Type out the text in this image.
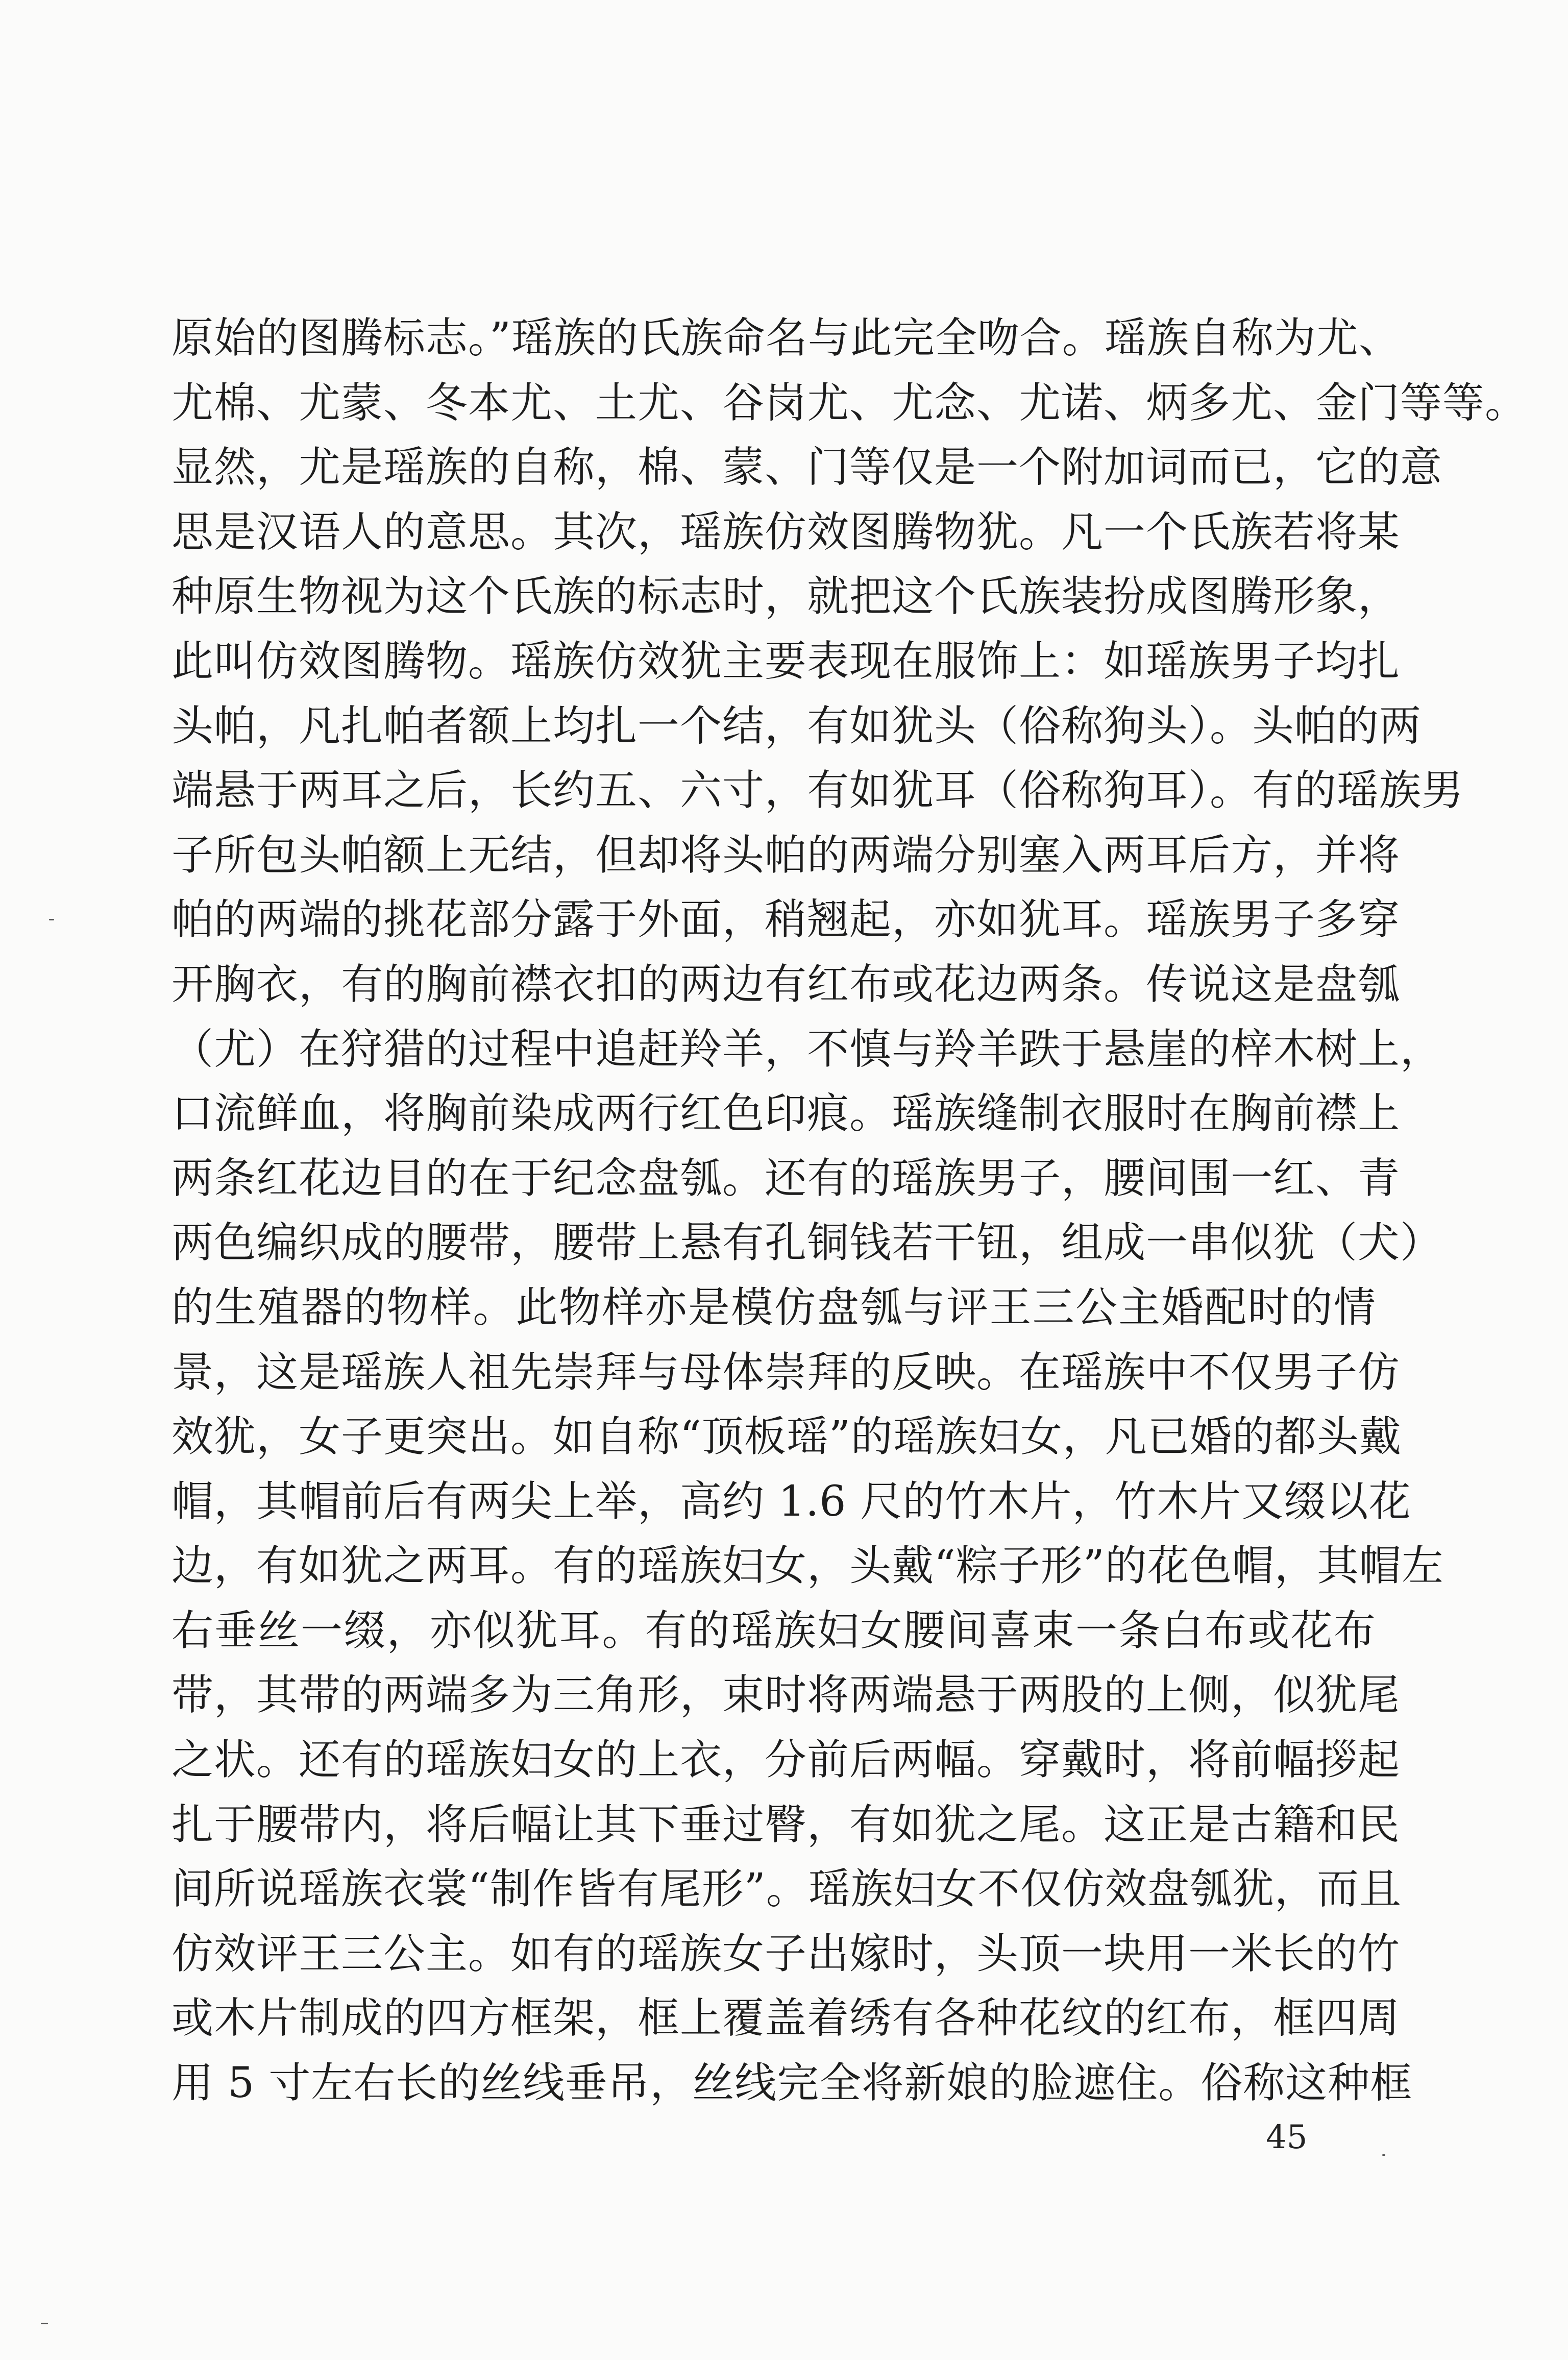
原始的图腾标志。”瑶族的氏族命名与此完全吻合。瑶族自称为尤、
尤棉、尤蒙、冬本尤、土尤、谷岗尤、尤念、尤诺、炳多尤、金门等等。
显然，尤是瑶族的自称，棉、蒙、门等仅是一个附加词而已，它的意
思是汉语人的意思。其次，瑶族仿效图腾物犹。凡一个氏族若将某
种原生物视为这个氏族的标志时，就把这个氏族装扮成图腾形象，
此叫仿效图腾物。瑶族仿效犹主要表现在服饰上：如瑶族男子均扎
头帕，凡扎帕者额上均扎一个结，有如犹头（俗称狗头）。头帕的两
端悬于两耳之后，长约五、六寸，有如犹耳（俗称狗耳）。有的瑶族男
子所包头帕额上无结，但却将头帕的两端分别塞入两耳后方，并将
帕的两端的挑花部分露于外面，稍翘起，亦如犹耳。瑶族男子多穿
开胸衣，有的胸前襟衣扣的两边有红布或花边两条。传说这是盘瓠
（尤）在狩猎的过程中追赶羚羊，不慎与羚羊跌于悬崖的梓木树上，
口流鲜血，将胸前染成两行红色印痕。瑶族缝制衣服时在胸前襟上
两条红花边目的在于纪念盘瓠。还有的瑶族男子，腰间围一红、青
两色编织成的腰带，腰带上悬有孔铜钱若干钮，组成一串似犹（犬）
的生殖器的物样。此物样亦是模仿盘瓠与评王三公主婚配时的情
景，这是瑶族人祖先崇拜与母体崇拜的反映。在瑶族中不仅男子仿
效犹，女子更突出。如自称“顶板瑶”的瑶族妇女，凡已婚的都头戴
帽，其帽前后有两尖上举，高约 1.6 尺的竹木片，竹木片又缀以花
边，有如犹之两耳。有的瑶族妇女，头戴“粽子形”的花色帽，其帽左
右垂丝一缀，亦似犹耳。有的瑶族妇女腰间喜束一条白布或花布
带，其带的两端多为三角形，束时将两端悬于两股的上侧，似犹尾
之状。还有的瑶族妇女的上衣，分前后两幅。穿戴时，将前幅拶起
扎于腰带内，将后幅让其下垂过臀，有如犹之尾。这正是古籍和民
间所说瑶族衣裳“制作皆有尾形”。瑶族妇女不仅仿效盘瓠犹，而且
仿效评王三公主。如有的瑶族女子出嫁时，头顶一块用一米长的竹
或木片制成的四方框架，框上覆盖着绣有各种花纹的红布，框四周
用 5 寸左右长的丝线垂吊，丝线完全将新娘的脸遮住。俗称这种框
45
